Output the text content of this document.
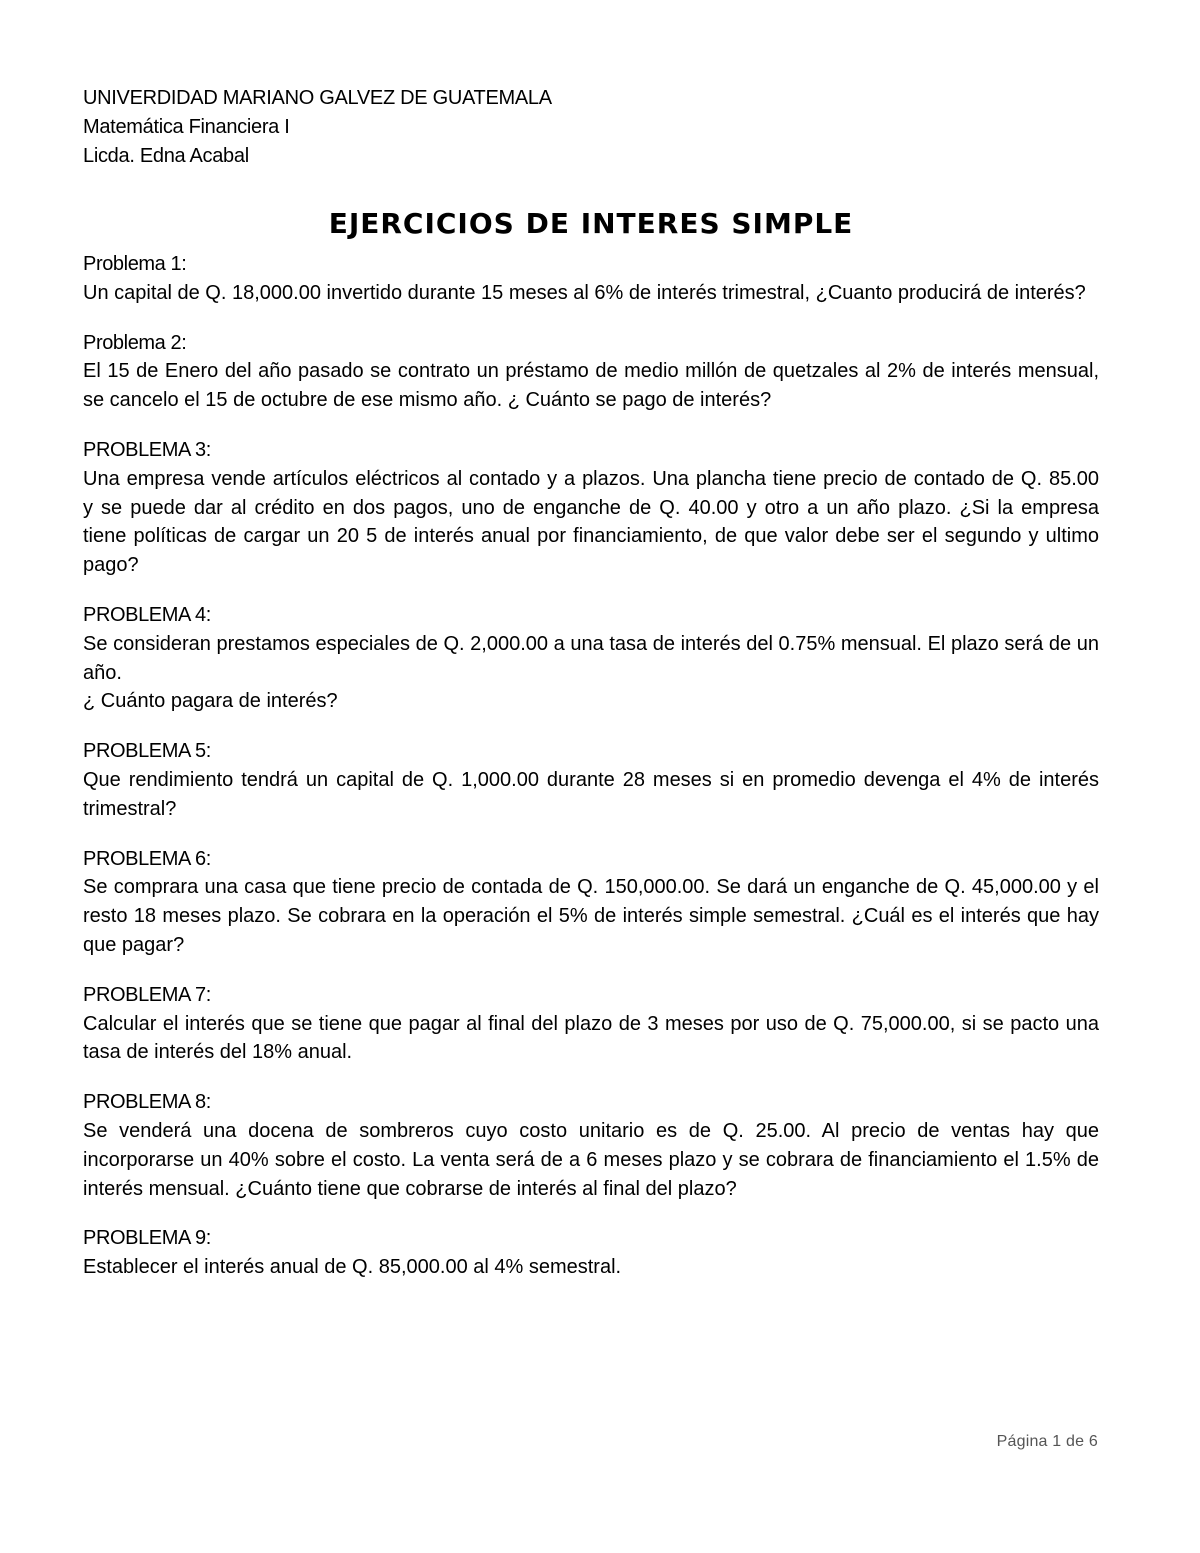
UNIVERDIDAD MARIANO GALVEZ DE GUATEMALA

Matemática Financiera I

Licda. Edna Acabal

EJERCICIOS DE INTERES SIMPLE

Problema 1:

Un capital de Q. 18,000.00 invertido durante 15 meses al 6% de interés trimestral, ¿Cuanto producirá de interés?

Problema 2:

El 15 de Enero del año pasado se contrato un préstamo de medio millón de quetzales al 2% de interés mensual,
se cancelo el 15 de octubre de ese mismo año. ¿ Cuánto se pago de interés?

PROBLEMA 3:

Una empresa vende artículos eléctricos al contado y a plazos. Una plancha tiene precio de contado de Q. 85.00
y se puede dar al crédito en dos pagos, uno de enganche de Q. 40.00 y otro a un año plazo. ¿Si la empresa
tiene políticas de cargar un 20 5 de interés anual por financiamiento, de que valor debe ser el segundo y ultimo
pago?

PROBLEMA 4:

Se consideran prestamos especiales de Q. 2,000.00 a una tasa de interés del 0.75% mensual. El plazo será de un
año.
¿ Cuánto pagara de interés?

PROBLEMA 5:

Que rendimiento tendrá un capital de Q. 1,000.00 durante 28 meses si en promedio devenga el 4% de interés
trimestral?

PROBLEMA 6:

Se comprara una casa que tiene precio de contada de Q. 150,000.00. Se dará un enganche de Q. 45,000.00 y el
resto 18 meses plazo. Se cobrara en la operación el 5% de interés simple semestral. ¿Cuál es el interés que hay
que pagar?

PROBLEMA 7:

Calcular el interés que se tiene que pagar al final del plazo de 3 meses por uso de Q. 75,000.00, si se pacto una
tasa de interés del 18% anual.

PROBLEMA 8:

Se venderá una docena de sombreros cuyo costo unitario es de Q. 25.00. Al precio de ventas hay que
incorporarse un 40% sobre el costo. La venta será de a 6 meses plazo y se cobrara de financiamiento el 1.5% de
interés mensual. ¿Cuánto tiene que cobrarse de interés al final del plazo?

PROBLEMA 9:

Establecer el interés anual de Q. 85,000.00 al 4% semestral.

Página 1 de 6
